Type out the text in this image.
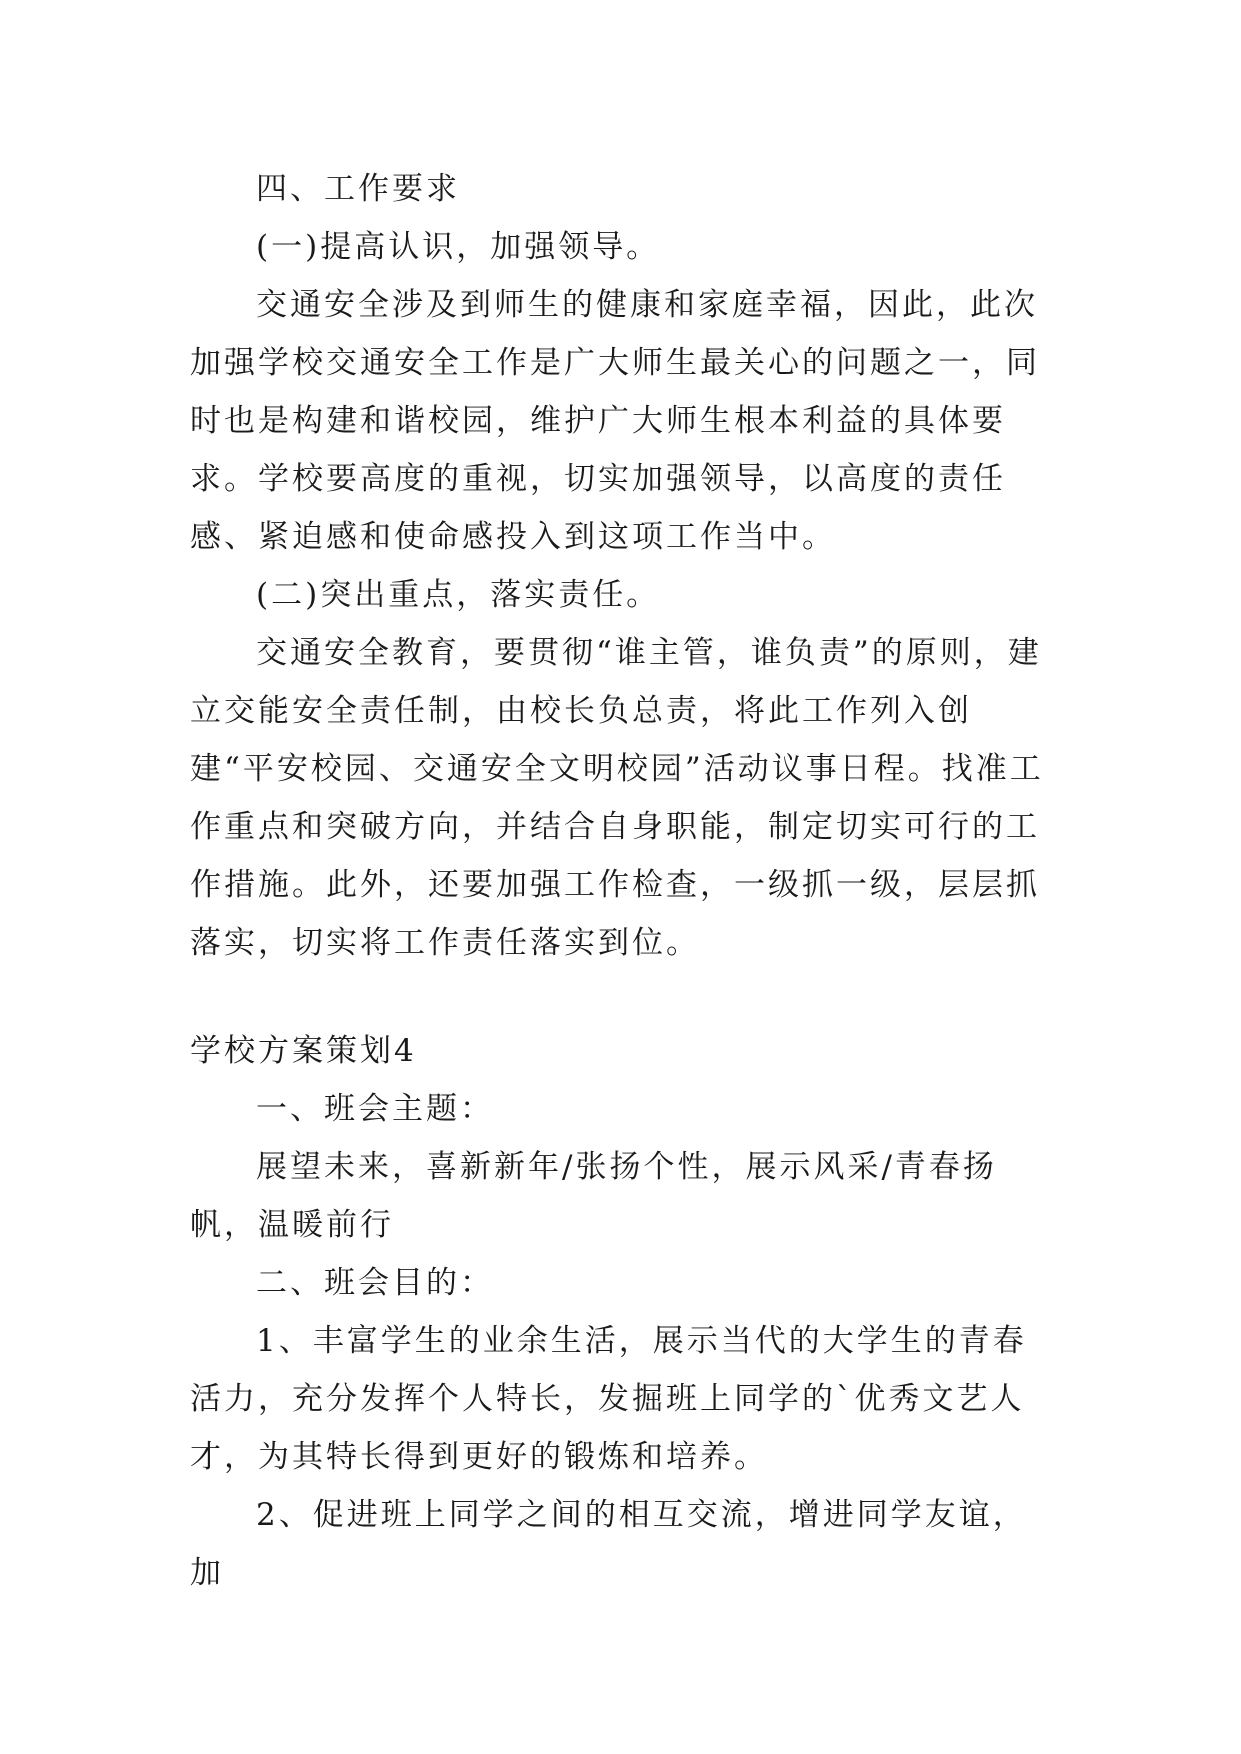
四、工作要求

(一)提高认识，加强领导。

交通安全涉及到师生的健康和家庭幸福，因此，此次加强学校交通安全工作是广大师生最关心的问题之一，同时也是构建和谐校园，维护广大师生根本利益的具体要求。学校要高度的重视，切实加强领导，以高度的责任感、紧迫感和使命感投入到这项工作当中。

(二)突出重点，落实责任。

交通安全教育，要贯彻“谁主管，谁负责”的原则，建立交能安全责任制，由校长负总责，将此工作列入创建“平安校园、交通安全文明校园”活动议事日程。找准工作重点和突破方向，并结合自身职能，制定切实可行的工作措施。此外，还要加强工作检查，一级抓一级，层层抓落实，切实将工作责任落实到位。

学校方案策划4

一、班会主题：

展望未来，喜新新年/张扬个性，展示风采/青春扬帆，温暖前行

二、班会目的：

1、丰富学生的业余生活，展示当代的大学生的青春活力，充分发挥个人特长，发掘班上同学的`优秀文艺人才，为其特长得到更好的锻炼和培养。

2、促进班上同学之间的相互交流，增进同学友谊，加
